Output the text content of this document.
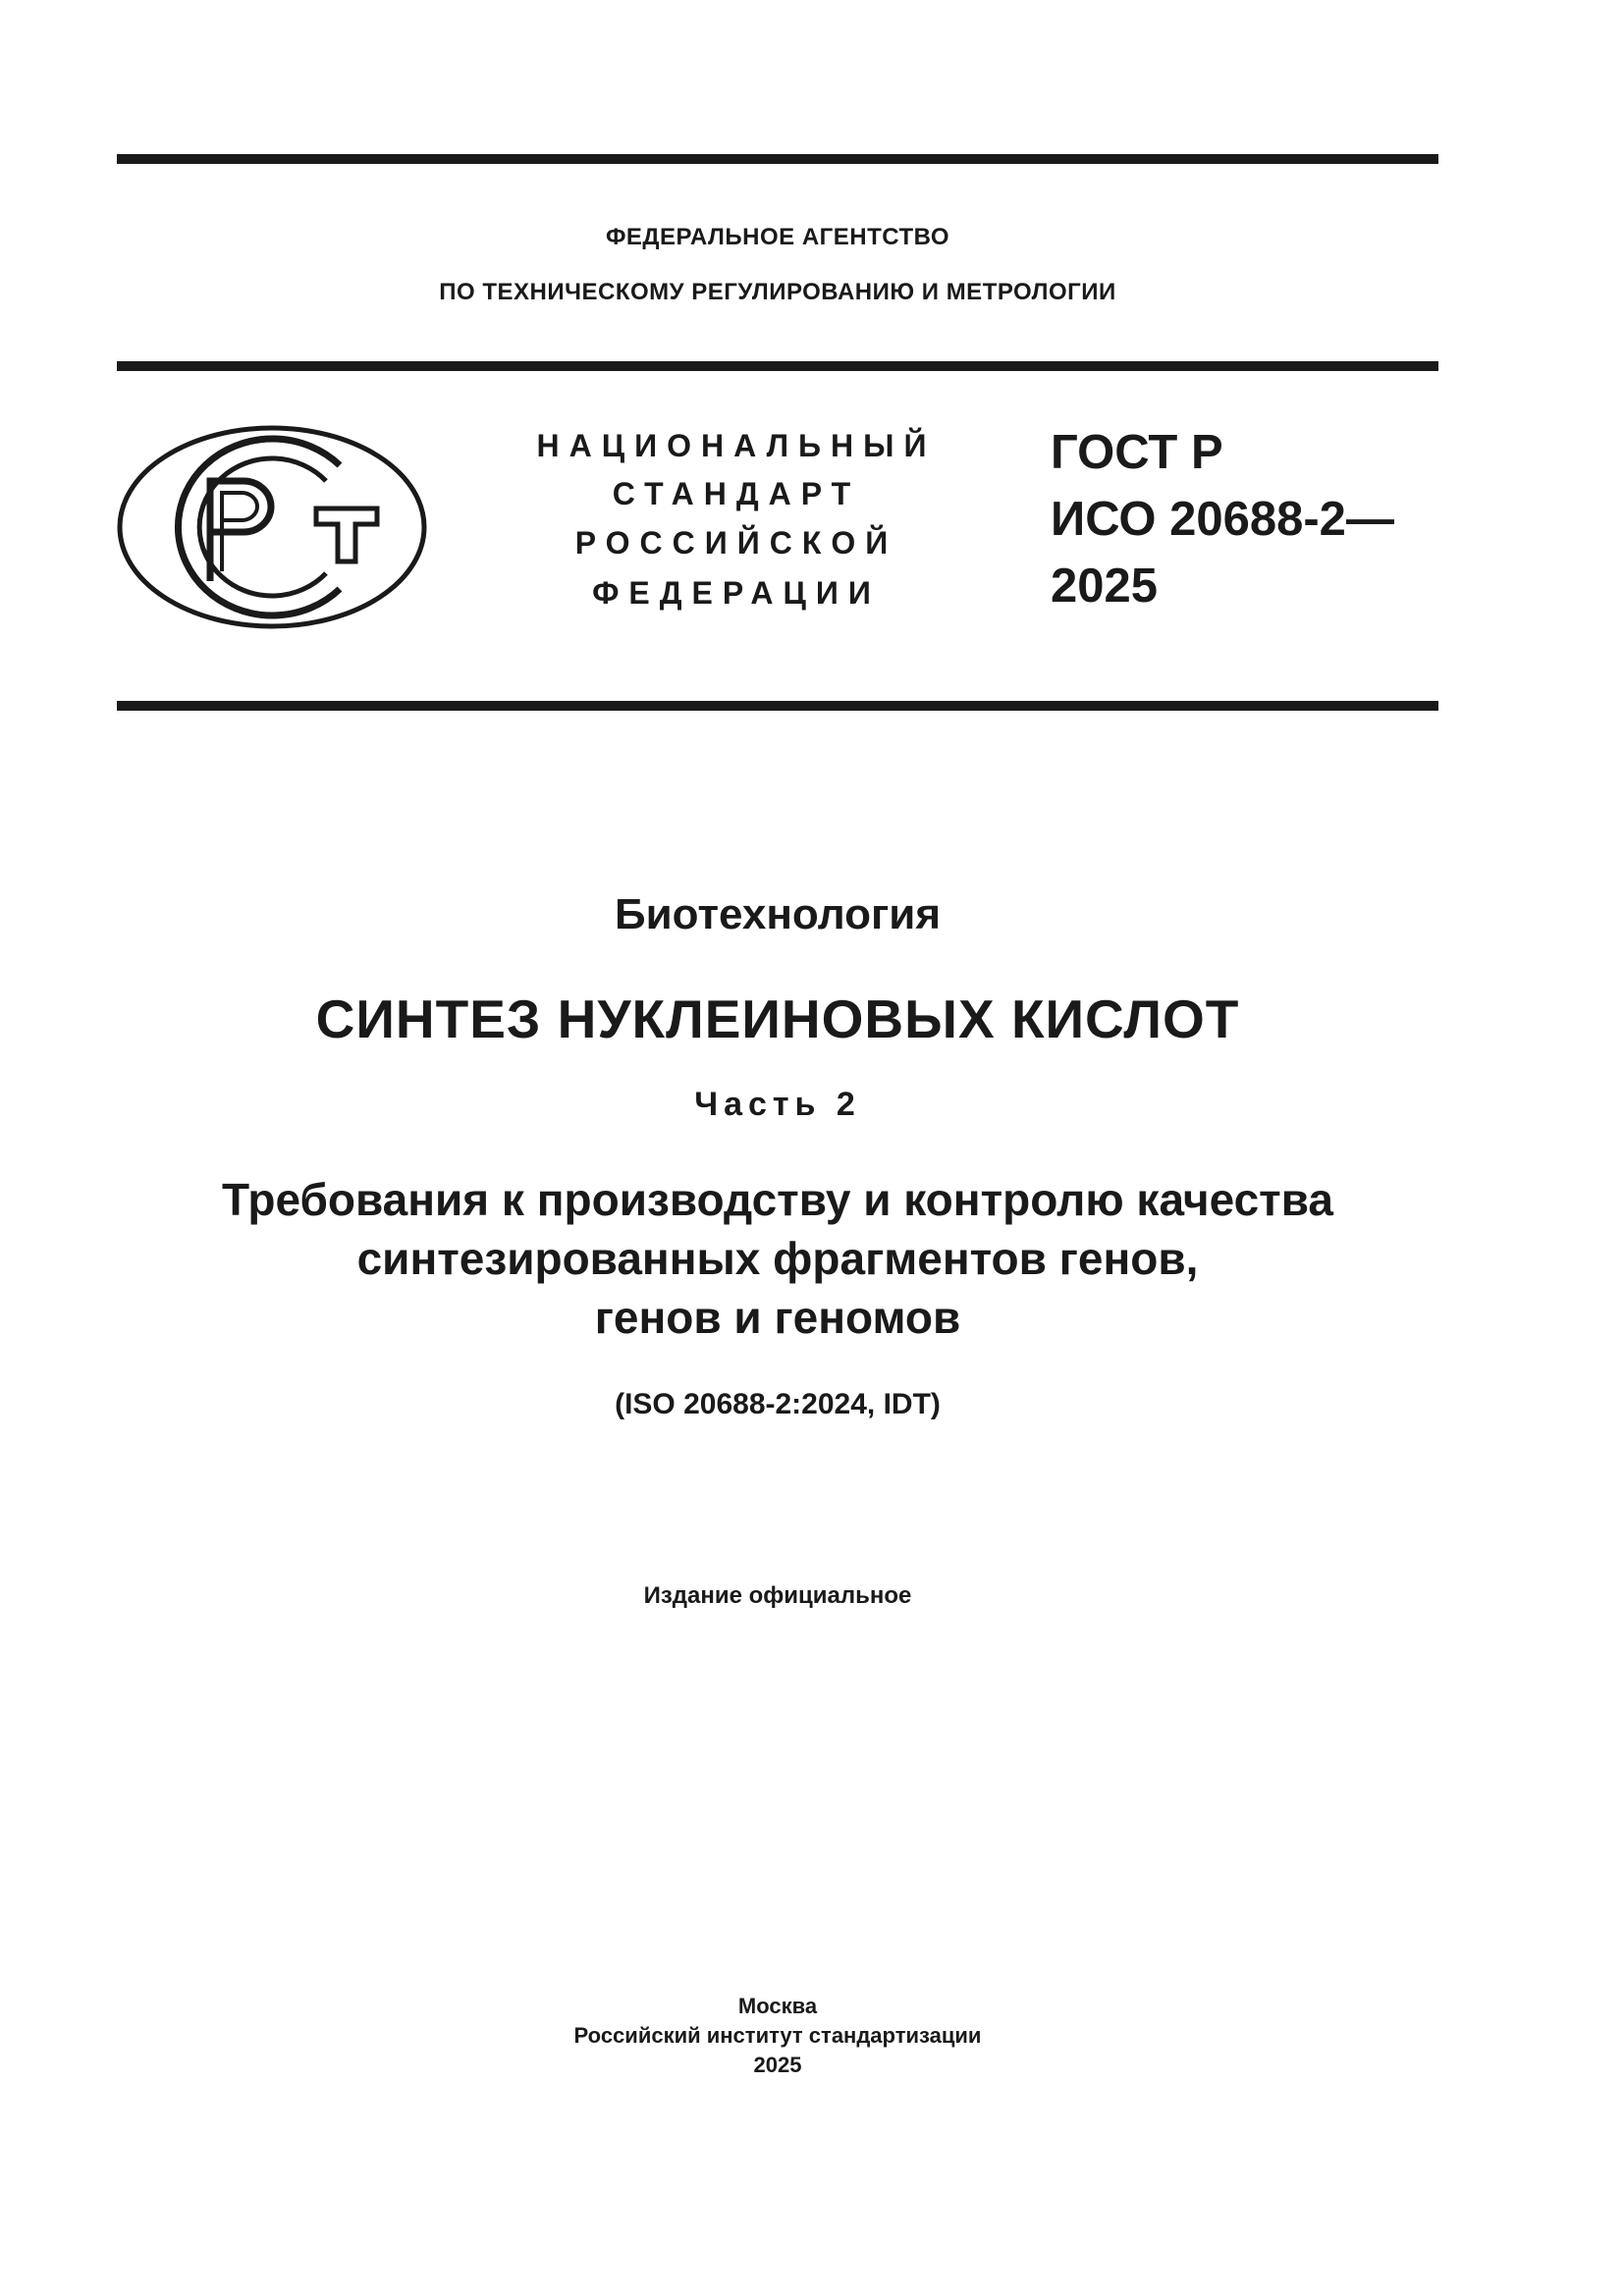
ФЕДЕРАЛЬНОЕ АГЕНТСТВО
ПО ТЕХНИЧЕСКОМУ РЕГУЛИРОВАНИЮ И МЕТРОЛОГИИ
НАЦИОНАЛЬНЫЙ
СТАНДАРТ
РОССИЙСКОЙ
ФЕДЕРАЦИИ
ГОСТ Р
ИСО 20688-2—
2025
Биотехнология
СИНТЕЗ НУКЛЕИНОВЫХ КИСЛОТ
Часть 2
Требования к производству и контролю качества
синтезированных фрагментов генов,
генов и геномов
(ISO 20688-2:2024, IDT)
Издание официальное
Москва
Российский институт стандартизации
2025
